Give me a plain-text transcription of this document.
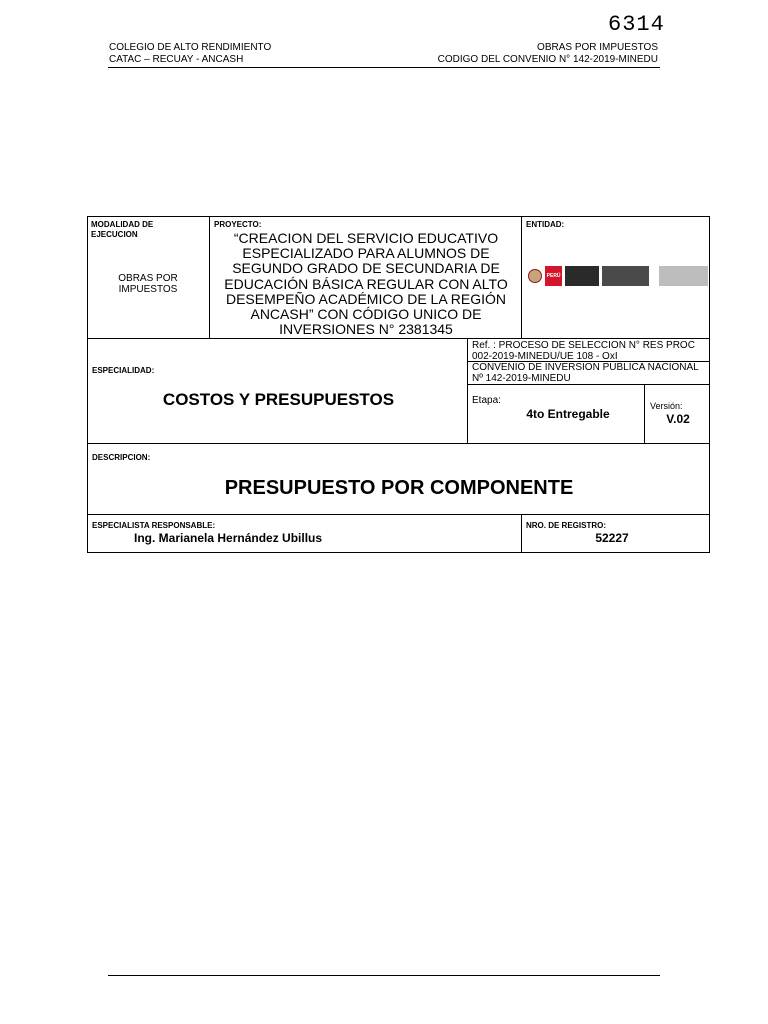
6314
COLEGIO DE ALTO RENDIMIENTO
CATAC – RECUAY - ANCASH
OBRAS POR IMPUESTOS
CODIGO DEL CONVENIO N° 142-2019-MINEDU
MODALIDAD DE EJECUCION
OBRAS POR IMPUESTOS
PROYECTO:
“CREACION DEL SERVICIO EDUCATIVO ESPECIALIZADO PARA ALUMNOS DE SEGUNDO GRADO DE SECUNDARIA DE EDUCACIÓN BÁSICA REGULAR CON ALTO DESEMPEÑO ACADÉMICO DE LA REGIÓN ANCASH” CON CÓDIGO UNICO DE INVERSIONES N° 2381345
ENTIDAD:
PERÚ
ESPECIALIDAD:
COSTOS Y PRESUPUESTOS
Ref. : PROCESO DE SELECCION N° RES PROC 002-2019-MINEDU/UE 108 - OxI
CONVENIO DE INVERSION PUBLICA NACIONAL Nº 142-2019-MINEDU
Etapa:
4to Entregable
Versión:
V.02
DESCRIPCION:
PRESUPUESTO POR COMPONENTE
ESPECIALISTA RESPONSABLE:
Ing. Marianela Hernández Ubillus
NRO. DE REGISTRO:
52227
